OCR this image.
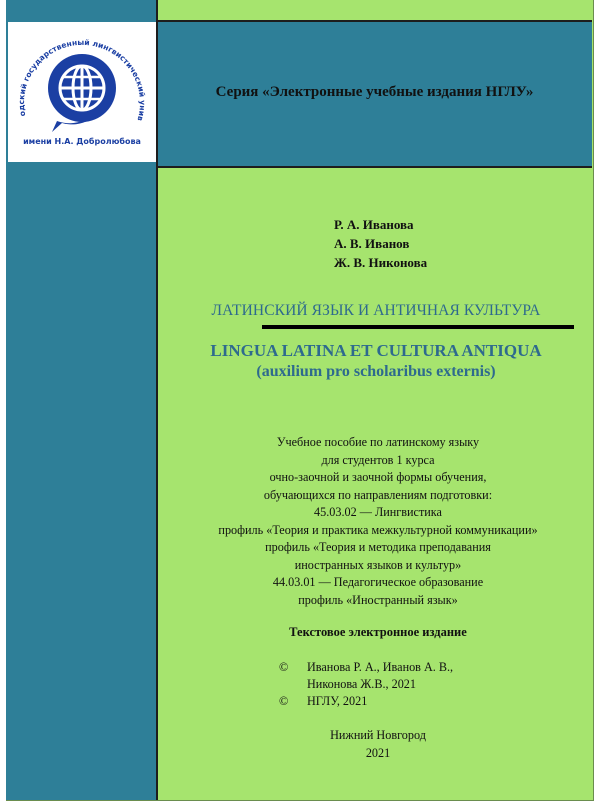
одский государственный лингвистический унив
имени Н.А. Добролюбова
Серия «Электронные учебные издания НГЛУ»
Р. А. Иванова
А. В. Иванов
Ж. В. Никонова
ЛАТИНСКИЙ ЯЗЫК И АНТИЧНАЯ КУЛЬТУРА
LINGUA LATINA ET CULTURA ANTIQUA
(auxilium pro scholaribus externis)
Учебное пособие по латинскому языку
для студентов 1 курса
очно-заочной и заочной формы обучения,
обучающихся по направлениям подготовки:
45.03.02 — Лингвистика
профиль «Теория и практика межкультурной коммуникации»
профиль «Теория и методика преподавания
иностранных языков и культур»
44.03.01 — Педагогическое образование
профиль «Иностранный язык»
Текстовое электронное издание
© Иванова Р. А., Иванов А. В.,
Никонова Ж.В., 2021
© НГЛУ, 2021
Нижний Новгород
2021
